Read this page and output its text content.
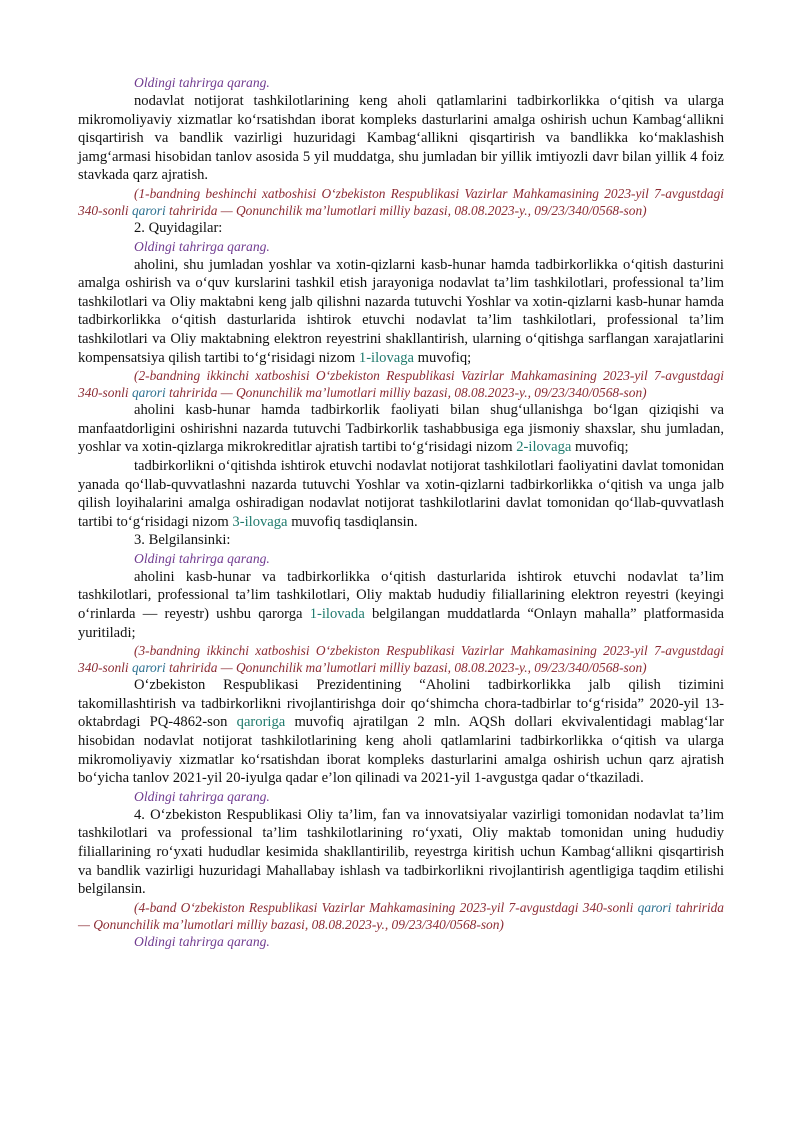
Oldingi tahrirga qarang.

nodavlat notijorat tashkilotlarining keng aholi qatlamlarini tadbirkorlikka o‘qitish va ularga mikromoliyaviy xizmatlar ko‘rsatishdan iborat kompleks dasturlarini amalga oshirish uchun Kambag‘allikni qisqartirish va bandlik vazirligi huzuridagi Kambag‘allikni qisqartirish va bandlikka ko‘maklashish jamg‘armasi hisobidan tanlov asosida 5 yil muddatga, shu jumladan bir yillik imtiyozli davr bilan yillik 4 foiz stavkada qarz ajratish.

(1-bandning beshinchi xatboshisi O‘zbekiston Respublikasi Vazirlar Mahkamasining 2023-yil 7-avgustdagi 340-sonli qarori tahririda — Qonunchilik ma’lumotlari milliy bazasi, 08.08.2023-y., 09/23/340/0568-son)

2. Quyidagilar:

Oldingi tahrirga qarang.

aholini, shu jumladan yoshlar va xotin-qizlarni kasb-hunar hamda tadbirkorlikka o‘qitish dasturini amalga oshirish va o‘quv kurslarini tashkil etish jarayoniga nodavlat ta’lim tashkilotlari, professional ta’lim tashkilotlari va Oliy maktabni keng jalb qilishni nazarda tutuvchi Yoshlar va xotin-qizlarni kasb-hunar hamda tadbirkorlikka o‘qitish dasturlarida ishtirok etuvchi nodavlat ta’lim tashkilotlari, professional ta’lim tashkilotlari va Oliy maktabning elektron reyestrini shakllantirish, ularning o‘qitishga sarflangan xarajatlarini kompensatsiya qilish tartibi to‘g‘risidagi nizom 1-ilovaga muvofiq;

(2-bandning ikkinchi xatboshisi O‘zbekiston Respublikasi Vazirlar Mahkamasining 2023-yil 7-avgustdagi 340-sonli qarori tahririda — Qonunchilik ma’lumotlari milliy bazasi, 08.08.2023-y., 09/23/340/0568-son)

aholini kasb-hunar hamda tadbirkorlik faoliyati bilan shug‘ullanishga bo‘lgan qiziqishi va manfaatdorligini oshirishni nazarda tutuvchi Tadbirkorlik tashabbusiga ega jismoniy shaxslar, shu jumladan, yoshlar va xotin-qizlarga mikrokreditlar ajratish tartibi to‘g‘risidagi nizom 2-ilovaga muvofiq;

tadbirkorlikni o‘qitishda ishtirok etuvchi nodavlat notijorat tashkilotlari faoliyatini davlat tomonidan yanada qo‘llab-quvvatlashni nazarda tutuvchi Yoshlar va xotin-qizlarni tadbirkorlikka o‘qitish va unga jalb qilish loyihalarini amalga oshiradigan nodavlat notijorat tashkilotlarini davlat tomonidan qo‘llab-quvvatlash tartibi to‘g‘risidagi nizom 3-ilovaga muvofiq tasdiqlansin.

3. Belgilansinki:

Oldingi tahrirga qarang.

aholini kasb-hunar va tadbirkorlikka o‘qitish dasturlarida ishtirok etuvchi nodavlat ta’lim tashkilotlari, professional ta’lim tashkilotlari, Oliy maktab hududiy filiallarining elektron reyestri (keyingi o‘rinlarda — reyestr) ushbu qarorga 1-ilovada belgilangan muddatlarda “Onlayn mahalla” platformasida yuritiladi;

(3-bandning ikkinchi xatboshisi O‘zbekiston Respublikasi Vazirlar Mahkamasining 2023-yil 7-avgustdagi 340-sonli qarori tahririda — Qonunchilik ma’lumotlari milliy bazasi, 08.08.2023-y., 09/23/340/0568-son)

O‘zbekiston Respublikasi Prezidentining “Aholini tadbirkorlikka jalb qilish tizimini takomillashtirish va tadbirkorlikni rivojlantirishga doir qo‘shimcha chora-tadbirlar to‘g‘risida” 2020-yil 13-oktabrdagi PQ-4862-son qaroriga muvofiq ajratilgan 2 mln. AQSh dollari ekvivalentidagi mablag‘lar hisobidan nodavlat notijorat tashkilotlarining keng aholi qatlamlarini tadbirkorlikka o‘qitish va ularga mikromoliyaviy xizmatlar ko‘rsatishdan iborat kompleks dasturlarini amalga oshirish uchun qarz ajratish bo‘yicha tanlov 2021-yil 20-iyulga qadar e’lon qilinadi va 2021-yil 1-avgustga qadar o‘tkaziladi.

Oldingi tahrirga qarang.

4. O‘zbekiston Respublikasi Oliy ta’lim, fan va innovatsiyalar vazirligi tomonidan nodavlat ta’lim tashkilotlari va professional ta’lim tashkilotlarining ro‘yxati, Oliy maktab tomonidan uning hududiy filiallarining ro‘yxati hududlar kesimida shakllantirilib, reyestrga kiritish uchun Kambag‘allikni qisqartirish va bandlik vazirligi huzuridagi Mahallabay ishlash va tadbirkorlikni rivojlantirish agentligiga taqdim etilishi belgilansin.

(4-band O‘zbekiston Respublikasi Vazirlar Mahkamasining 2023-yil 7-avgustdagi 340-sonli qarori tahririda — Qonunchilik ma’lumotlari milliy bazasi, 08.08.2023-y., 09/23/340/0568-son)

Oldingi tahrirga qarang.
